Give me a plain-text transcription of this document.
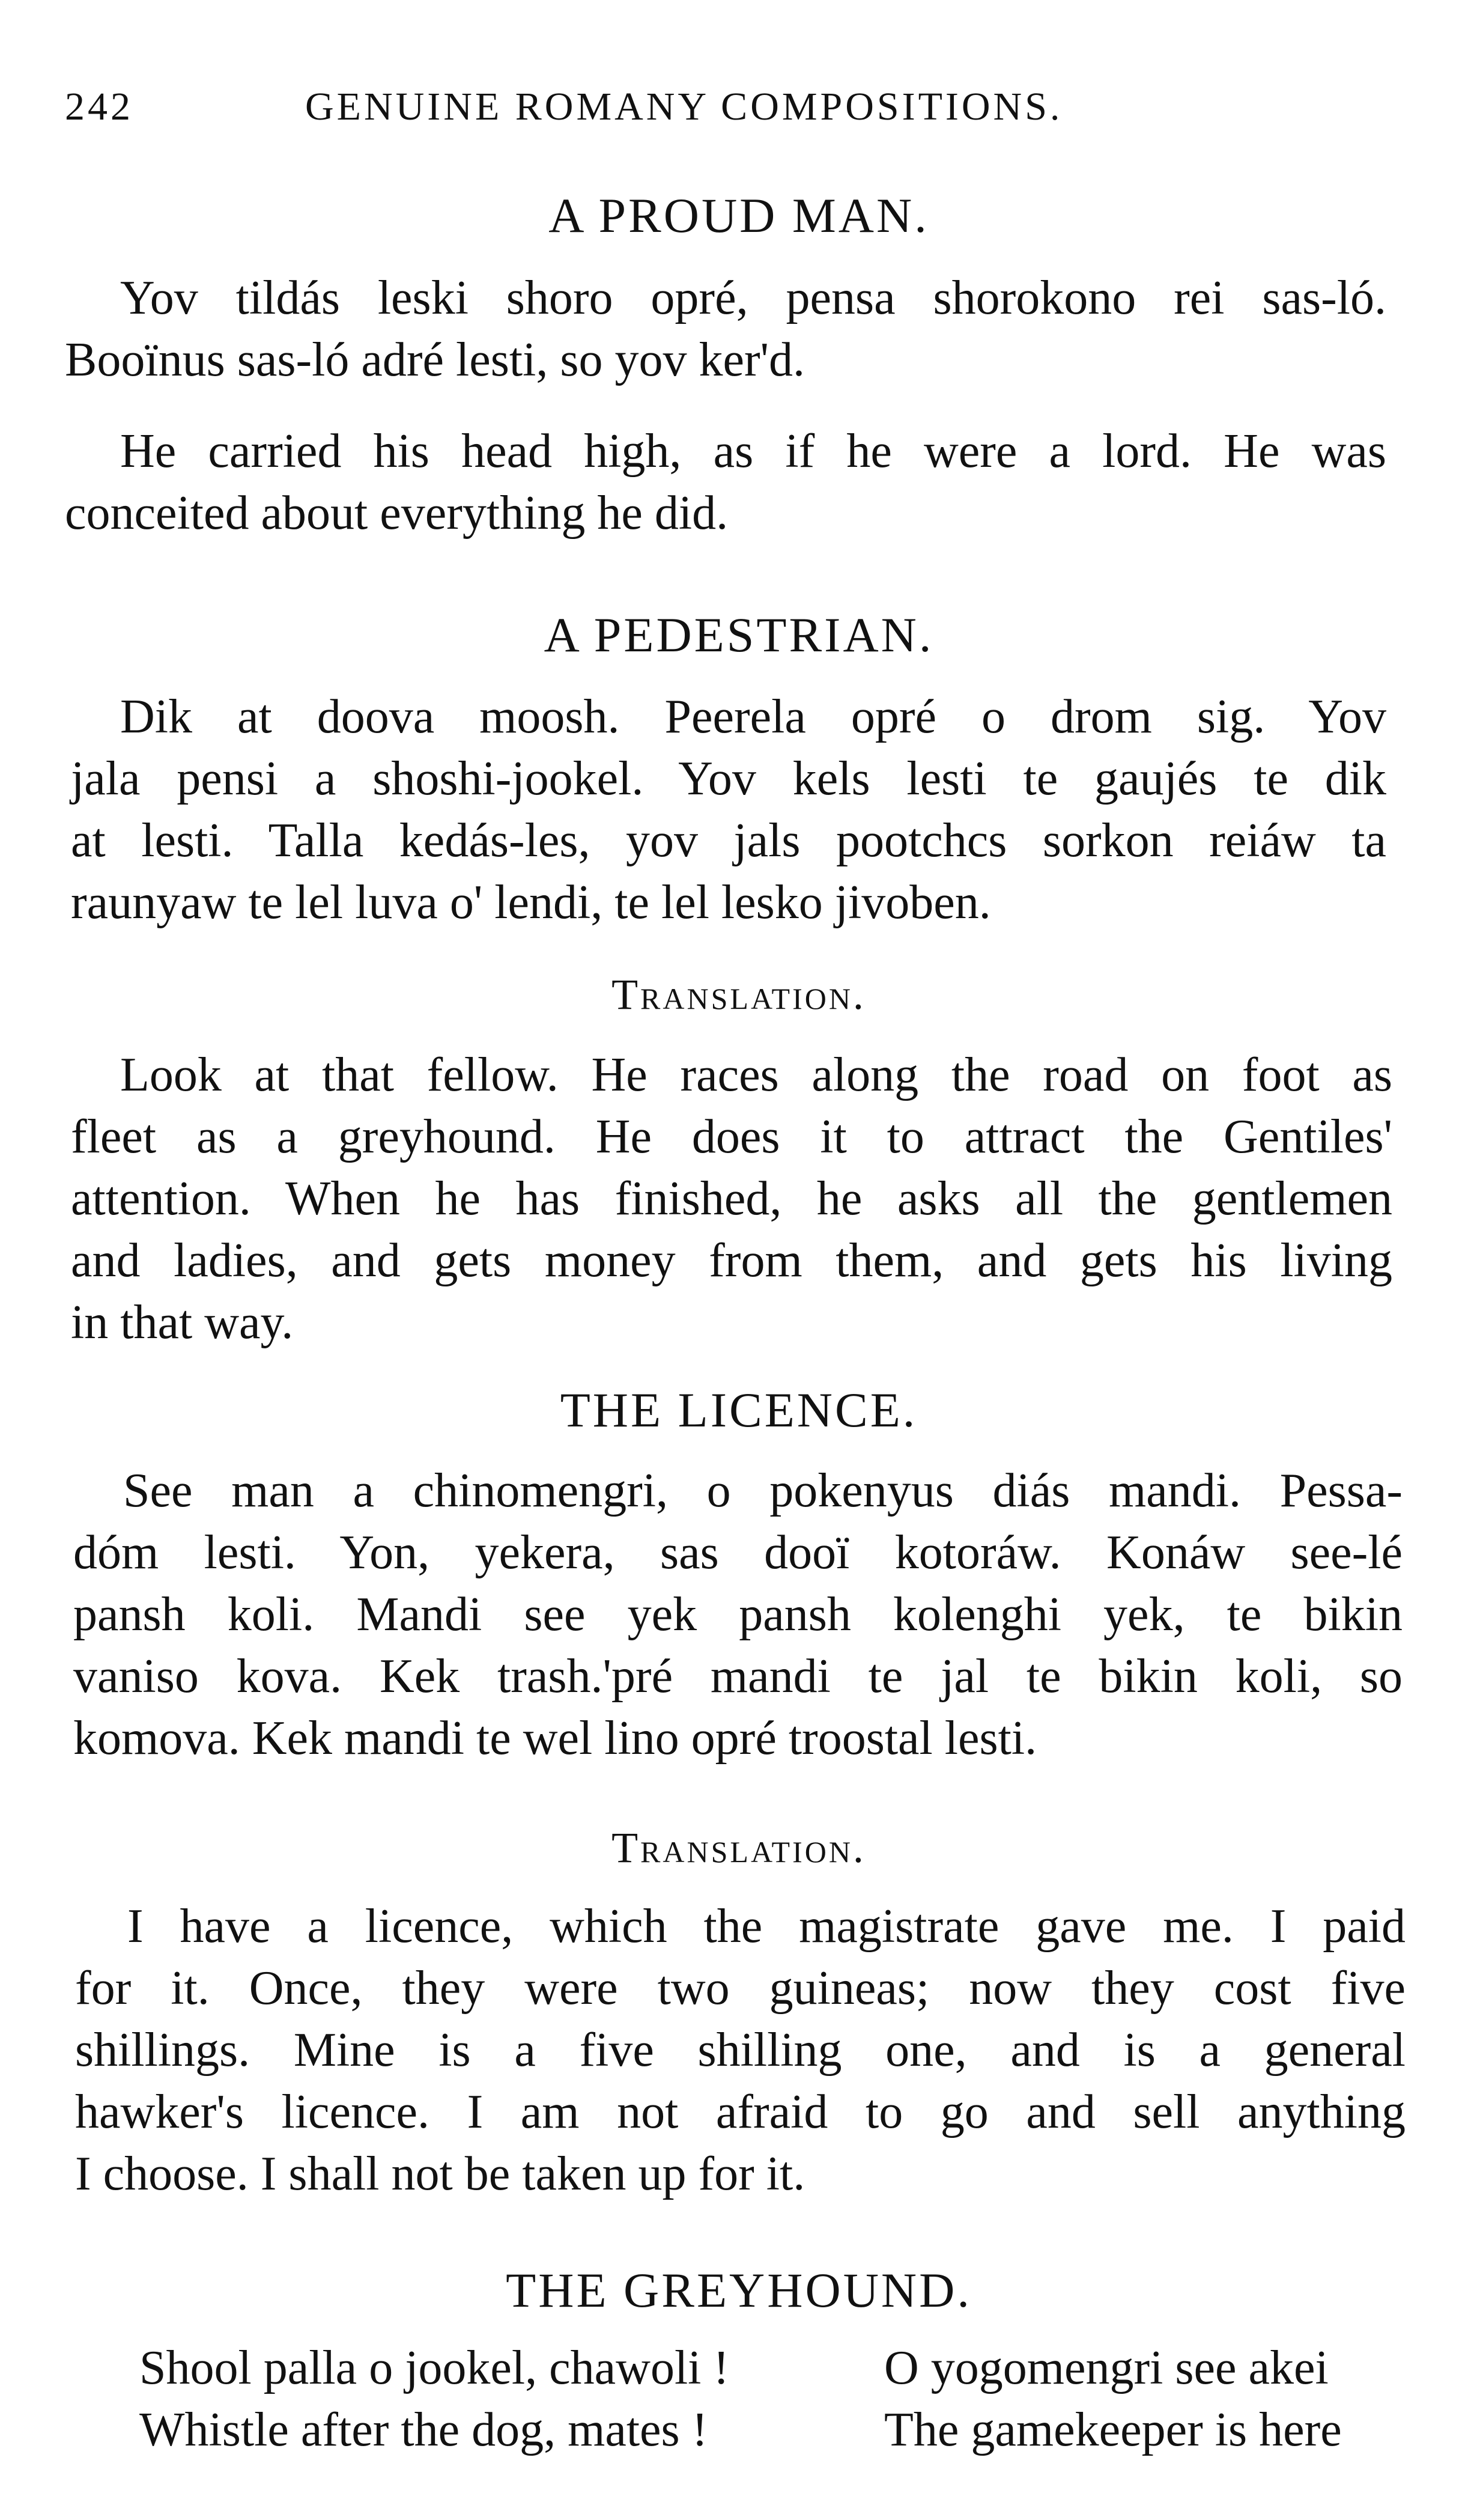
242	GENUINE ROMANY COMPOSITIONS.
A PROUD MAN.
Yov tildás leski shoro opré, pensa shorokono rei sas-ló.
Booïnus sas-ló adré lesti, so yov ker'd.
He carried his head high, as if he were a lord. He was
conceited about everything he did.
A PEDESTRIAN.
Dik at doova moosh. Peerela opré o drom sig. Yov
jala pensi a shoshi-jookel. Yov kels lesti te gaujés te dik
at lesti. Talla kedás-les, yov jals pootchcs sorkon reiáw ta
raunyaw te lel luva o' lendi, te lel lesko jivoben.
Translation.
Look at that fellow. He races along the road on foot as
fleet as a greyhound. He does it to attract the Gentiles'
attention. When he has finished, he asks all the gentlemen
and ladies, and gets money from them, and gets his living
in that way.
THE LICENCE.
See man a chinomengri, o pokenyus diás mandi. Pessa-
dóm lesti. Yon, yekera, sas dooï kotoráw. Konáw see-lé
pansh koli. Mandi see yek pansh kolenghi yek, te bikin
vaniso kova. Kek trash.'pré mandi te jal te bikin koli, so
komova. Kek mandi te wel lino opré troostal lesti.
Translation.
I have a licence, which the magistrate gave me. I paid
for it. Once, they were two guineas; now they cost five
shillings. Mine is a five shilling one, and is a general
hawker's licence. I am not afraid to go and sell anything
I choose. I shall not be taken up for it.
THE GREYHOUND.
Shool palla o jookel, chawoli !	O yogomengri see akei
Whistle after the dog, mates !	The gamekeeper is here
